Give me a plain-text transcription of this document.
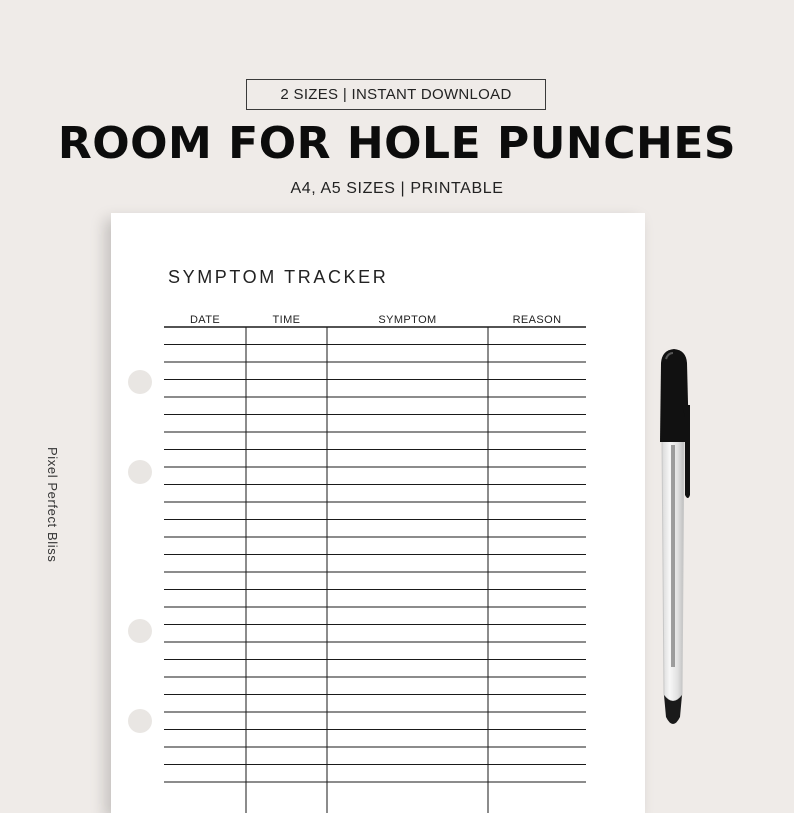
2 SIZES | INSTANT DOWNLOAD
ROOM FOR HOLE PUNCHES
A4, A5 SIZES | PRINTABLE
Pixel Perfect Bliss
SYMPTOM TRACKER
DATE	TIME	SYMPTOM	REASON
